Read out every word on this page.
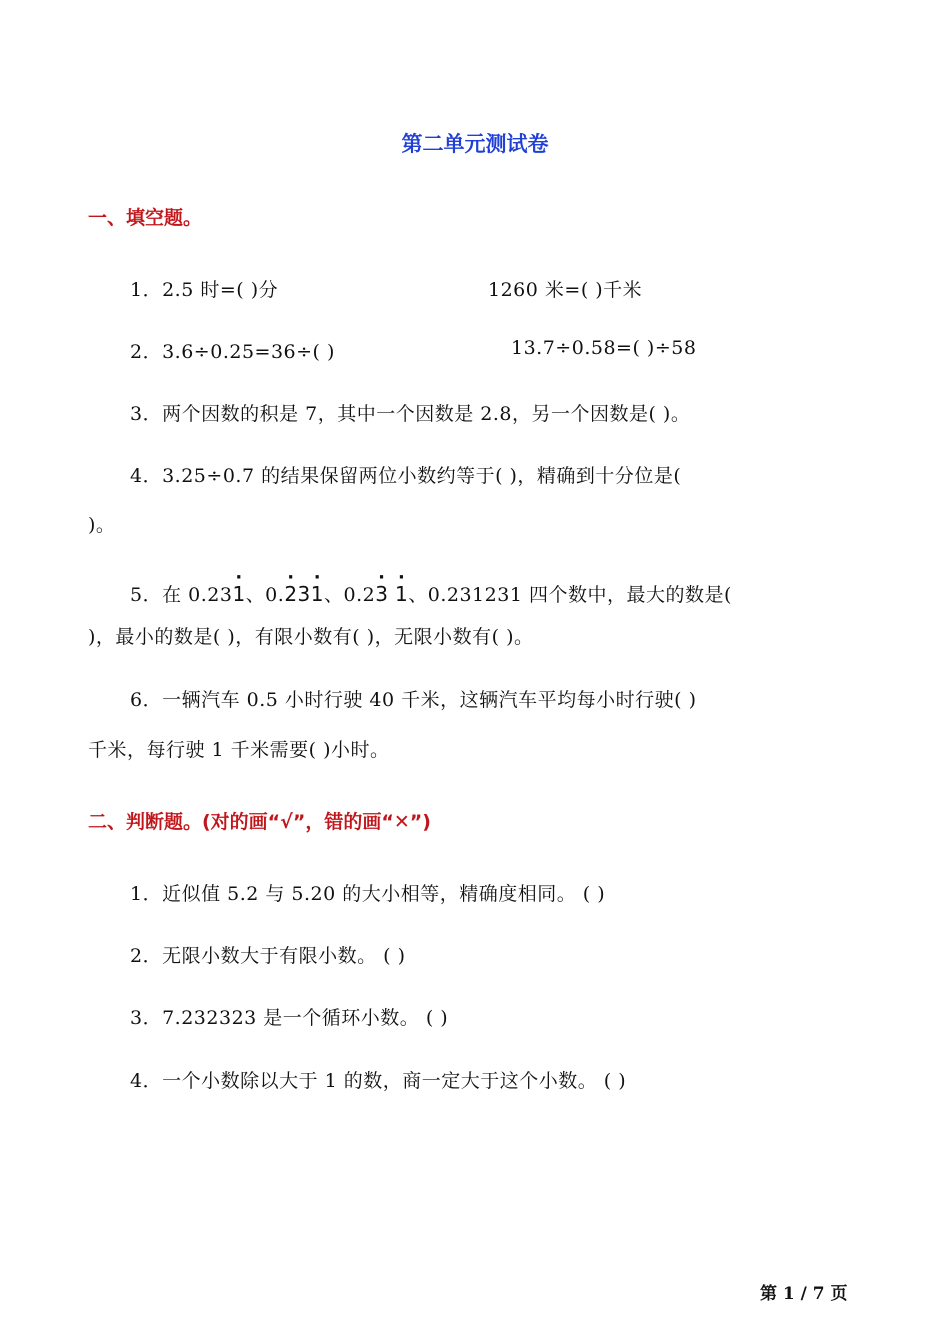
第二单元测试卷
一、填空题。
1．2.5 时=( )分	1260 米=( )千米
2．3.6÷0.25=36÷( )	13.7÷0.58=( )÷58
3．两个因数的积是 7，其中一个因数是 2.8，另一个因数是( )。
4．3.25÷0.7 的结果保留两位小数约等于( )，精确到十分位是(
)。
5．在 0.23· 1、0.· 23· 1、0.2· 3 · 1、0.231231 四个数中，最大的数是(
)，最小的数是( )，有限小数有( )，无限小数有( )。
6．一辆汽车 0.5 小时行驶 40 千米，这辆汽车平均每小时行驶( )
千米，每行驶 1 千米需要( )小时。
二、判断题。(对的画“√”，错的画“✕”)
1．近似值 5.2 与 5.20 的大小相等，精确度相同。 ( )
2．无限小数大于有限小数。 ( )
3．7.232323 是一个循环小数。 ( )
4．一个小数除以大于 1 的数，商一定大于这个小数。 ( )
第 1 / 7 页
